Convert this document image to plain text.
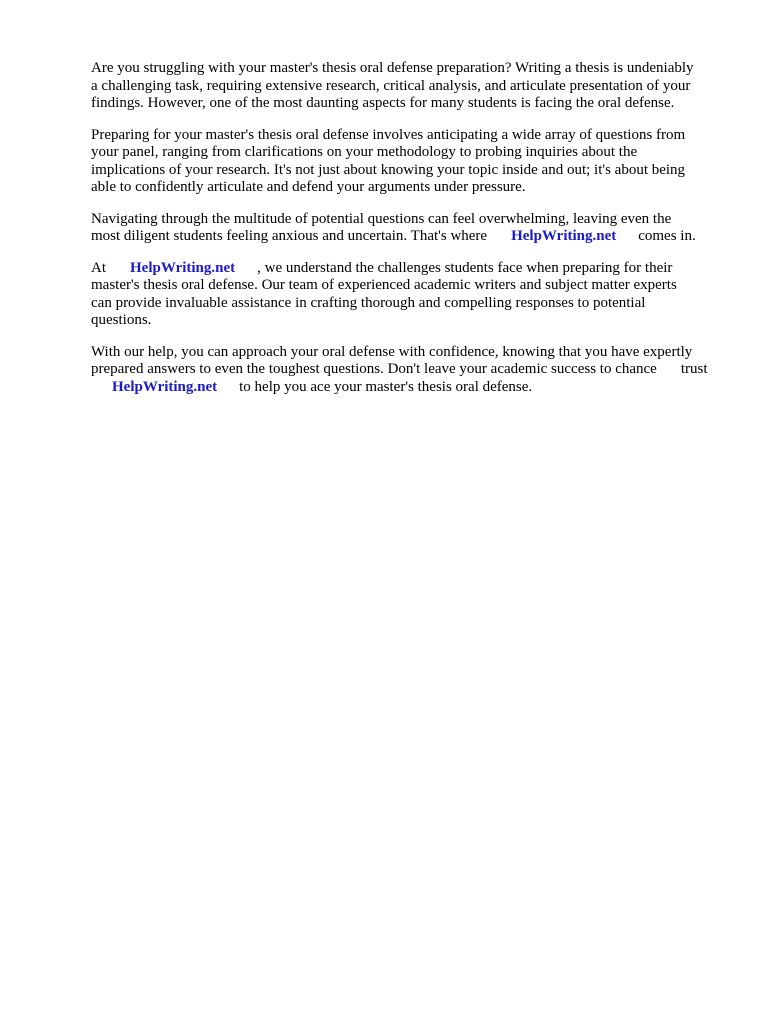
Are you struggling with your master's thesis oral defense preparation? Writing a thesis is undeniably
a challenging task, requiring extensive research, critical analysis, and articulate presentation of your
findings. However, one of the most daunting aspects for many students is facing the oral defense.
Preparing for your master's thesis oral defense involves anticipating a wide array of questions from
your panel, ranging from clarifications on your methodology to probing inquiries about the
implications of your research. It's not just about knowing your topic inside and out; it's about being
able to confidently articulate and defend your arguments under pressure.
Navigating through the multitude of potential questions can feel overwhelming, leaving even the
most diligent students feeling anxious and uncertain. That's where HelpWriting.net comes in.
At HelpWriting.net , we understand the challenges students face when preparing for their
master's thesis oral defense. Our team of experienced academic writers and subject matter experts
can provide invaluable assistance in crafting thorough and compelling responses to potential
questions.
With our help, you can approach your oral defense with confidence, knowing that you have expertly
prepared answers to even the toughest questions. Don't leave your academic success to chance trust
HelpWriting.net to help you ace your master's thesis oral defense.
